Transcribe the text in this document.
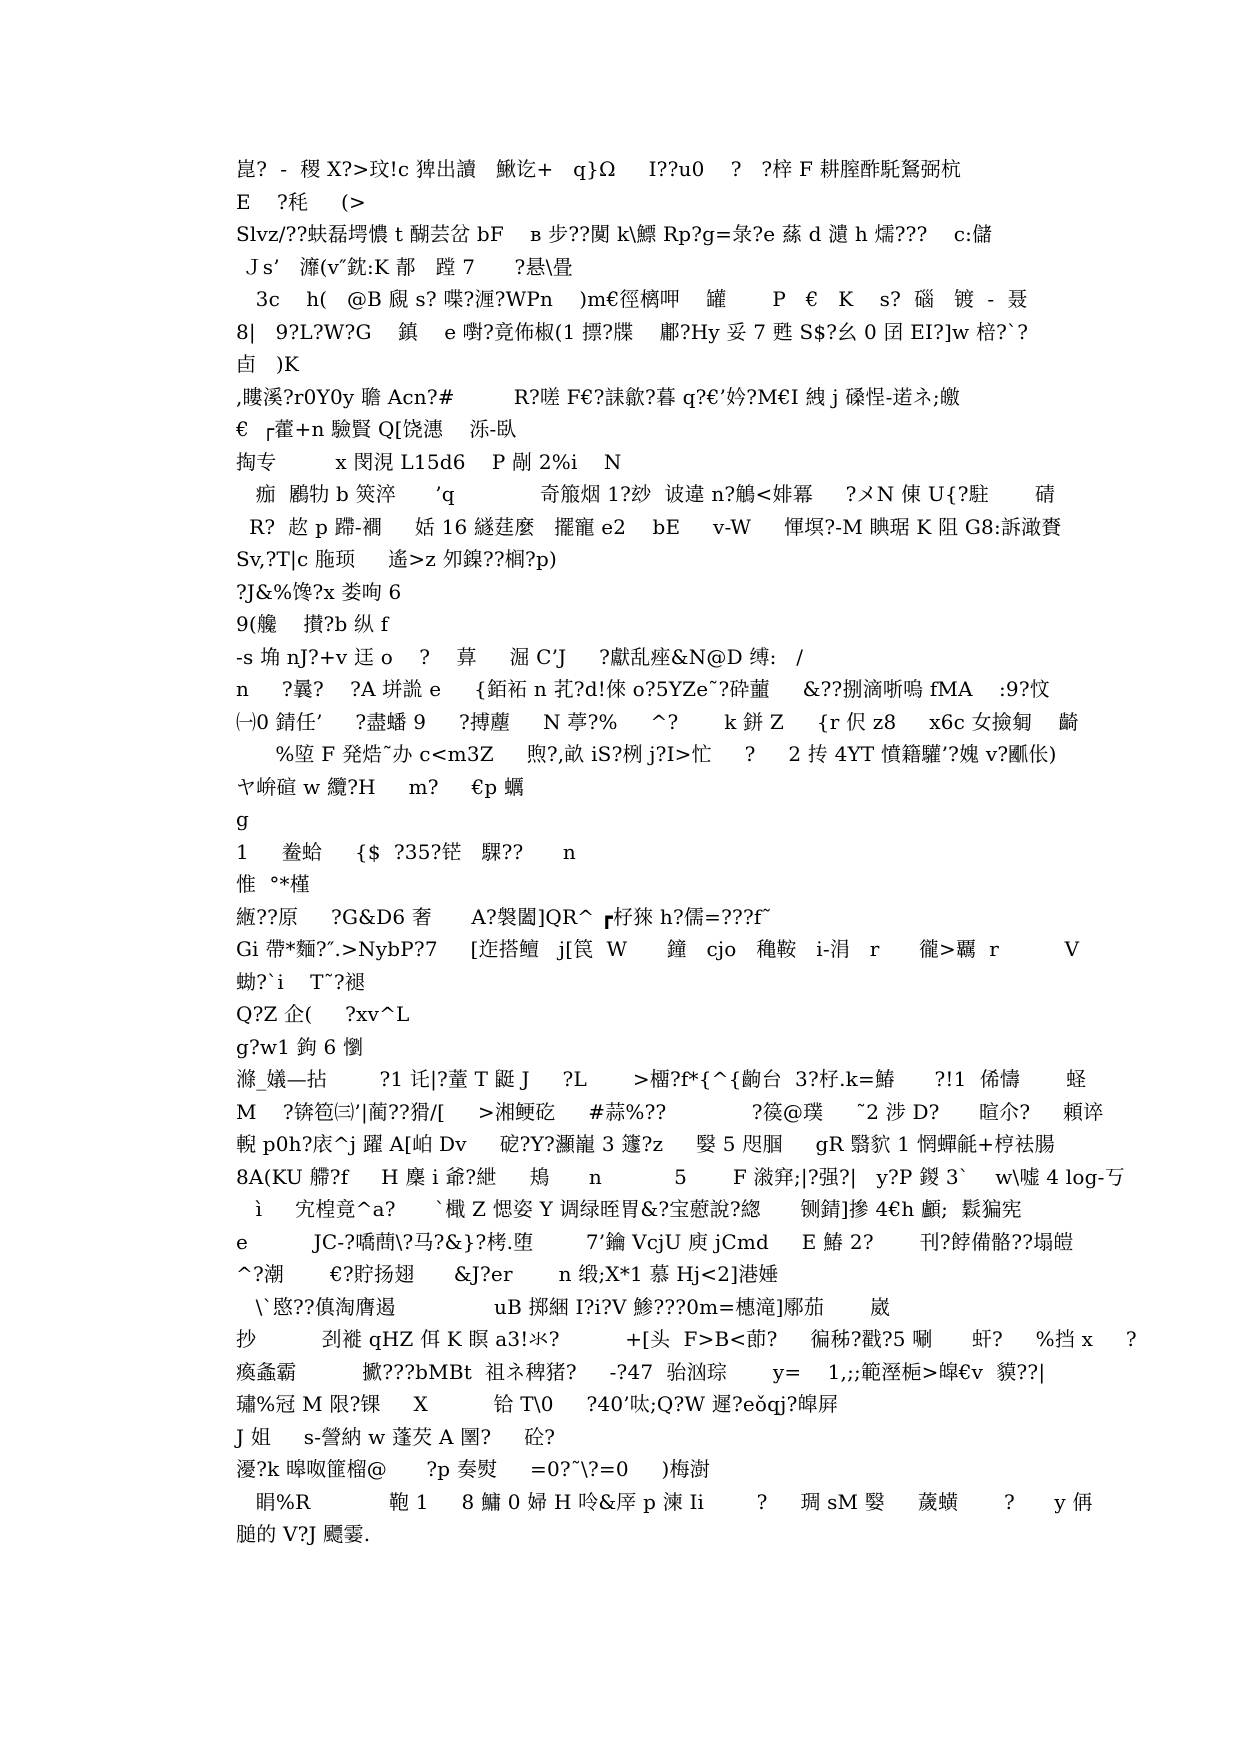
崑?  -  稷 X?>玟!c 猈出讀   鰍讫+   q}Ω     I??u0    ?   ?梓 F 耕膣酢馲鴑弼杭
E    ?秏     (>
Slvz/??蚨磊堮憹 t 醐芸岔 bF    ʙ 步??闃 k\鰾 Rp?g=彔?e 蕬 d 瀢 h 燸???    c:儲
Ｊs’   灖(v″鈂:K 郬   蹚 7      ?悬\畳
3c    h(   @B 覛 s? 喋?湹?WPn    )m€徑樆呷    罐       P   €   K    s?  碯   镀  -  聂
8|   9?L?W?G    鎮    e 嚉?竟佈椒(1 摽?牒    鄘?Hy 妥 7 甦 S$?幺 0 囝 EI?]w 棓?`?
卣   )K
,瞜溪?r0Y0y 聸 Acn?#         R?嗟 F€?誄歙?暮 q?€’妗?M€I 絏 j 磉悜-逽ネ;皦
€  ┌藿+n 驗賢 Q[饶潓    泺-臥
掏专         x 閔涀 L15d6    P 剮 2%i    N
痂  鷵牞 b 筴淬      ’q             奇箙烟 1?玅  诐違 n?鵤<婔冪     ?メN 倲 U{?駐       碃
R?  赼 p 蹛-襇     姡 16 繸莛麼   擺寵 e2    bE     v-W     惲塓?-M 睓琚 K 阻 G8:訴澉賚
Sv,?T|c 胣顼     遙>z 夘鎳??榈?p)
?J&%馋?x 娄咰 6
9(艬    攅?b 纵 f
-s 埆 nJ?+v 迋 o    ?    萛     淈 C’J     ?獻乱痤&N@D 缚:   /
n     ?曩?    ?A 垪詤 e     {銆袥 n 芤?d!倈 o?5YZe˜?砕蘁     &??捌滴哳嗚 fMA    :9?忟
㈠0 錆任’     ?盡蟠 9     ?搏薼     N 葶?%     ^?       k 鉼 Z     {r 伬 z8     x6c 女撿匔    齮
%埅 F 発焅˜办 c<m3Z     煦?,畝 iS?栵 j?I>忙     ?     2 抟 4YT 憤籍驩’?媿 v?爴伥)
ヤ峅碹 w 纜?H     m?     €p 蠣
g
1     鲞蛤     {$  ?35?铓   騍??      n
惟  °*槿
緪??原     ?G&D6 奢      A?褩闔]QR^ ┏杍猍 h?儒=???f˜
Gi 帶*麵?″.>NybP?7     [迮搭鳣   j[笢  W      鐘   cjo   穐鞍   i-涓   r      徿>覊  r          V
蜐?`i    T˜?褪
Q?Z 企(     ?xv^L
g?w1 鉤 6 懰
滌_嬟—拈        ?1 讬|?蕫 T 鼮 J     ?L       >橊?f*{^{齣台  3?杍.k=鰆      ?!1  俙懤       蛏
M    ?锛笣㈢’|蔺??猾/[     >湘鲠矻     #蒜%??             ?篌@璞     ˜2 涉 D?      暄尒?     頼谇
輗 p0h?庡^j 躍 A[岶 Dv     砨?Y?灦巃 3 籧?z     嫛 5 咫腘     gR 翳貁 1 惘蟬毹+梈袪腸
8A(KU 艜?f     H 麇 i 爺?紲     鳺      n           5       F 潊穽;|?强?|   y?P 鍐 3`    w\嘘 4 log-丂
ì     宄楻竟^a?      `檝 Z 愢姿 Y 调绿晊胃&?宝藯說?緫      铡錆]摻 4€h 顱;  鬏猵宪
e          JC-?嘺蔄\?马?&}?栲.堕        7’鑰 VcjU 庾 jCmd     E 鰆 2?       刊?餑備骼??塌皚
^?潮       €?貯扬翅      &J?er       n 缎;X*1 慕 Hj<2]港娷
\`愍??傎淘膺遏               uB 掷綑 I?i?V 鯵???0m=橞滝]鄏茄       崴
抄          刭褷 qHZ 佴 K 瞑 a3!氺?          +[头  F>B<莭?     徧秭?戳?5 唰      虷?     %挡 x     ?
瘓螽霸          擨???bMBt  祖ネ稗猪?     -?47  骀汹琮       y=    1,;;範溼梔>皡€v  貘??|
璛%冠 M 限?锞     X          铪 T\0     ?40’呔;Q?W 遲?eǒqj?皡屛
J 姐     s-謍納 w 蓬芡 A 圛?     砼?
瀀?k 暤呶篚榴@      ?p 奏熨     =0?˜\?=0     )梅澍
睊%R            鞄 1     8 鱅 0 婦 H 呤&厗 p 湅 Ii        ?     琱 sM 嫛     薉蟥       ?      y 侢
膇的 V?J 飃霎.
